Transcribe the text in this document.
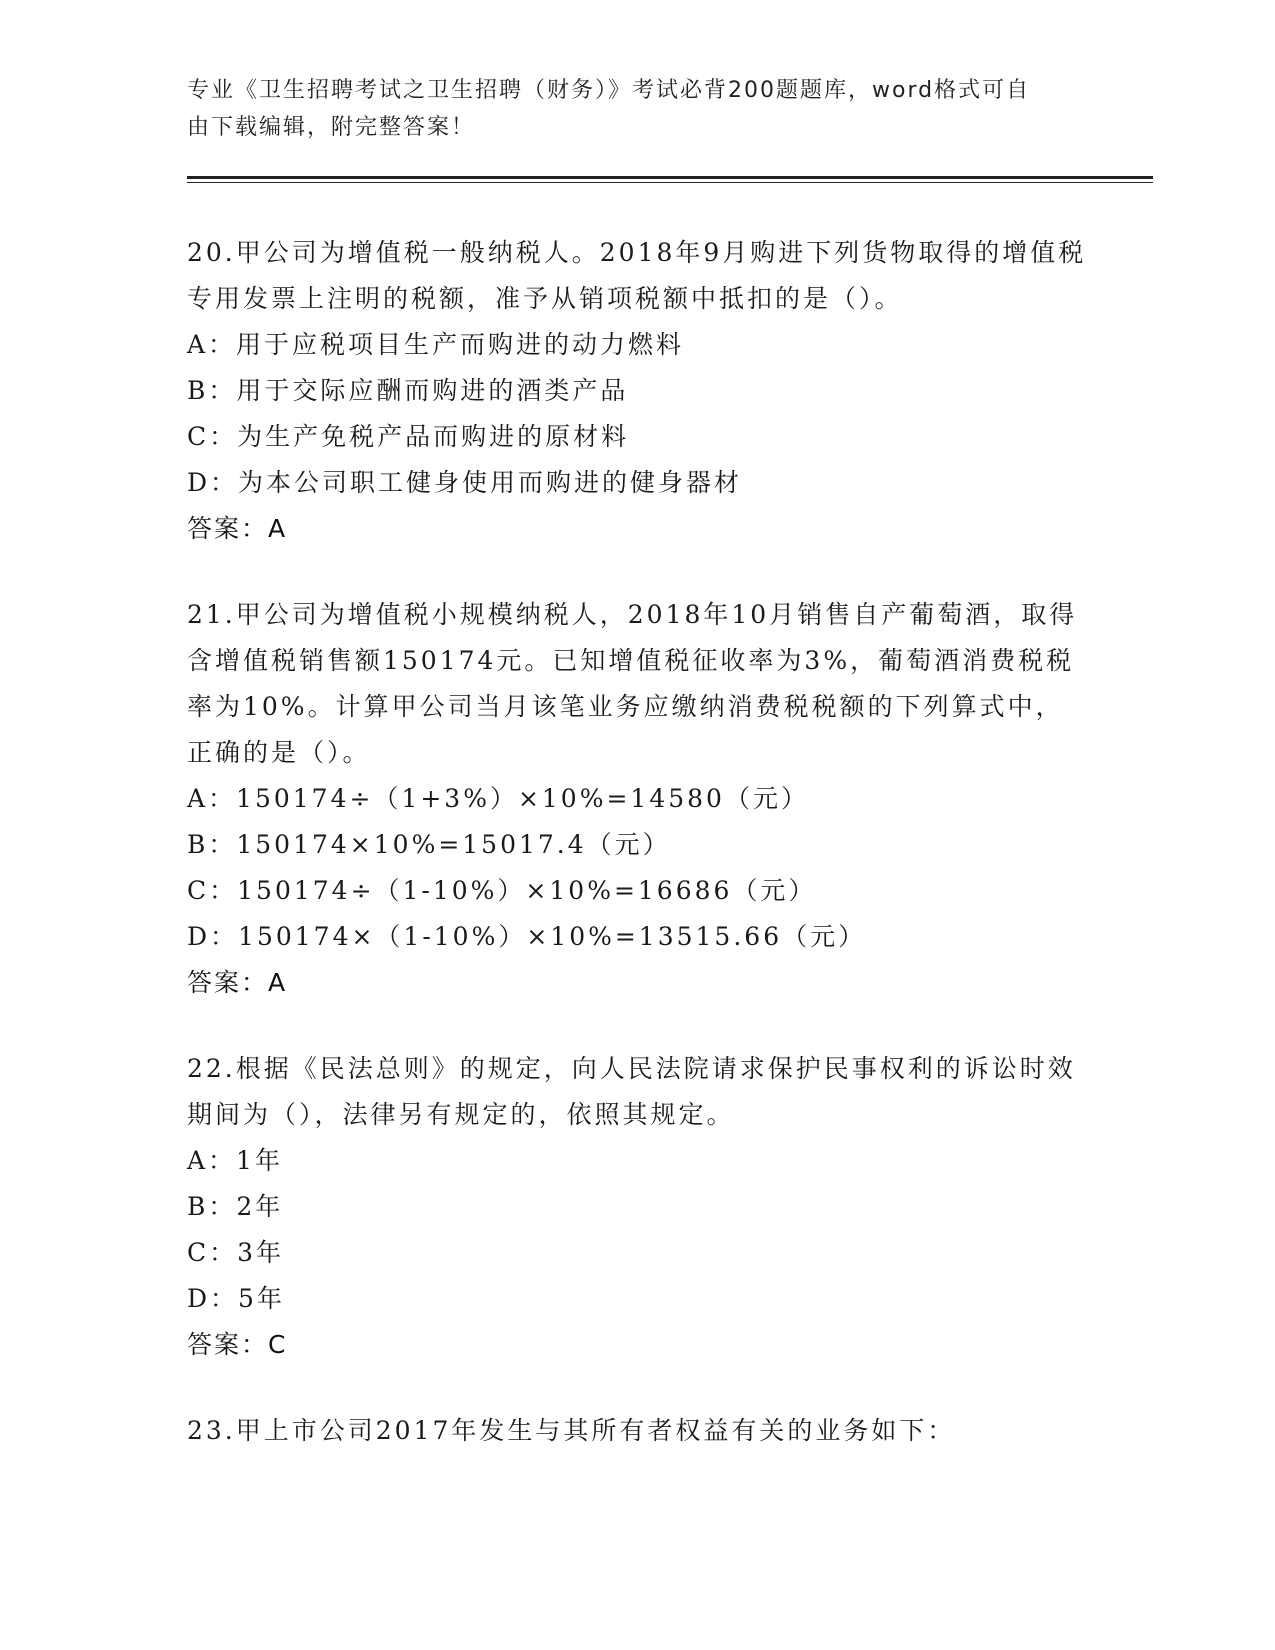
专业《卫生招聘考试之卫生招聘（财务）》考试必背200题题库，word格式可自
由下载编辑，附完整答案！
20.甲公司为增值税一般纳税人。2018年9月购进下列货物取得的增值税专用发票上注明的税额，准予从销项税额中抵扣的是（）。
A：用于应税项目生产而购进的动力燃料
B：用于交际应酬而购进的酒类产品
C：为生产免税产品而购进的原材料
D：为本公司职工健身使用而购进的健身器材
答案：A
21.甲公司为增值税小规模纳税人，2018年10月销售自产葡萄酒，取得含增值税销售额150174元。已知增值税征收率为3%，葡萄酒消费税税率为10%。计算甲公司当月该笔业务应缴纳消费税税额的下列算式中，正确的是（）。
A：150174÷（1+3%）×10%=14580（元）
B：150174×10%=15017.4（元）
C：150174÷（1-10%）×10%=16686（元）
D：150174×（1-10%）×10%=13515.66（元）
答案：A
22.根据《民法总则》的规定，向人民法院请求保护民事权利的诉讼时效期间为（），法律另有规定的，依照其规定。
A：1年
B：2年
C：3年
D：5年
答案：C
23.甲上市公司2017年发生与其所有者权益有关的业务如下：
